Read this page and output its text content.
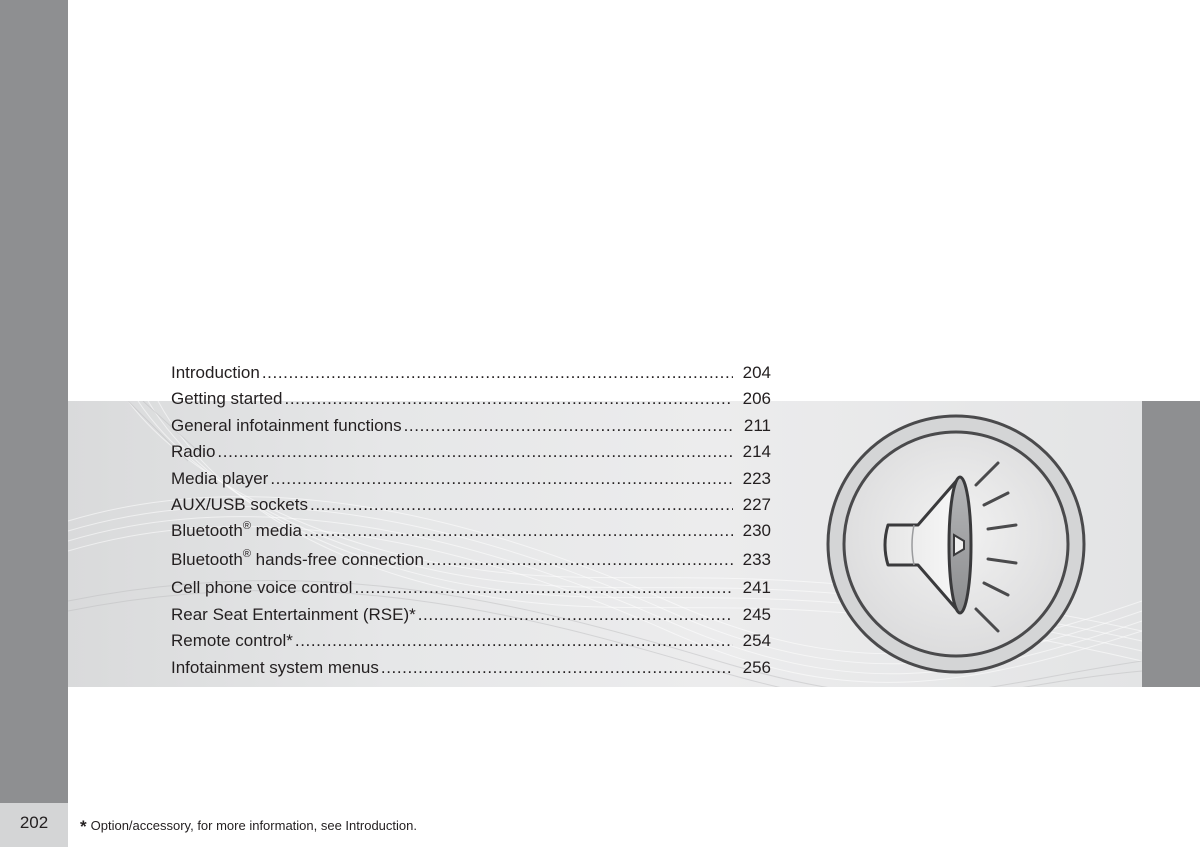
202
Introduction .....	204
Getting started .....	206
General infotainment functions .....	211
Radio .....	214
Media player .....	223
AUX/USB sockets .....	227
Bluetooth® media .....	230
Bluetooth® hands-free connection .....	233
Cell phone voice control .....	241
Rear Seat Entertainment (RSE)* .....	245
Remote control* .....	254
Infotainment system menus .....	256
* Option/accessory, for more information, see Introduction.
